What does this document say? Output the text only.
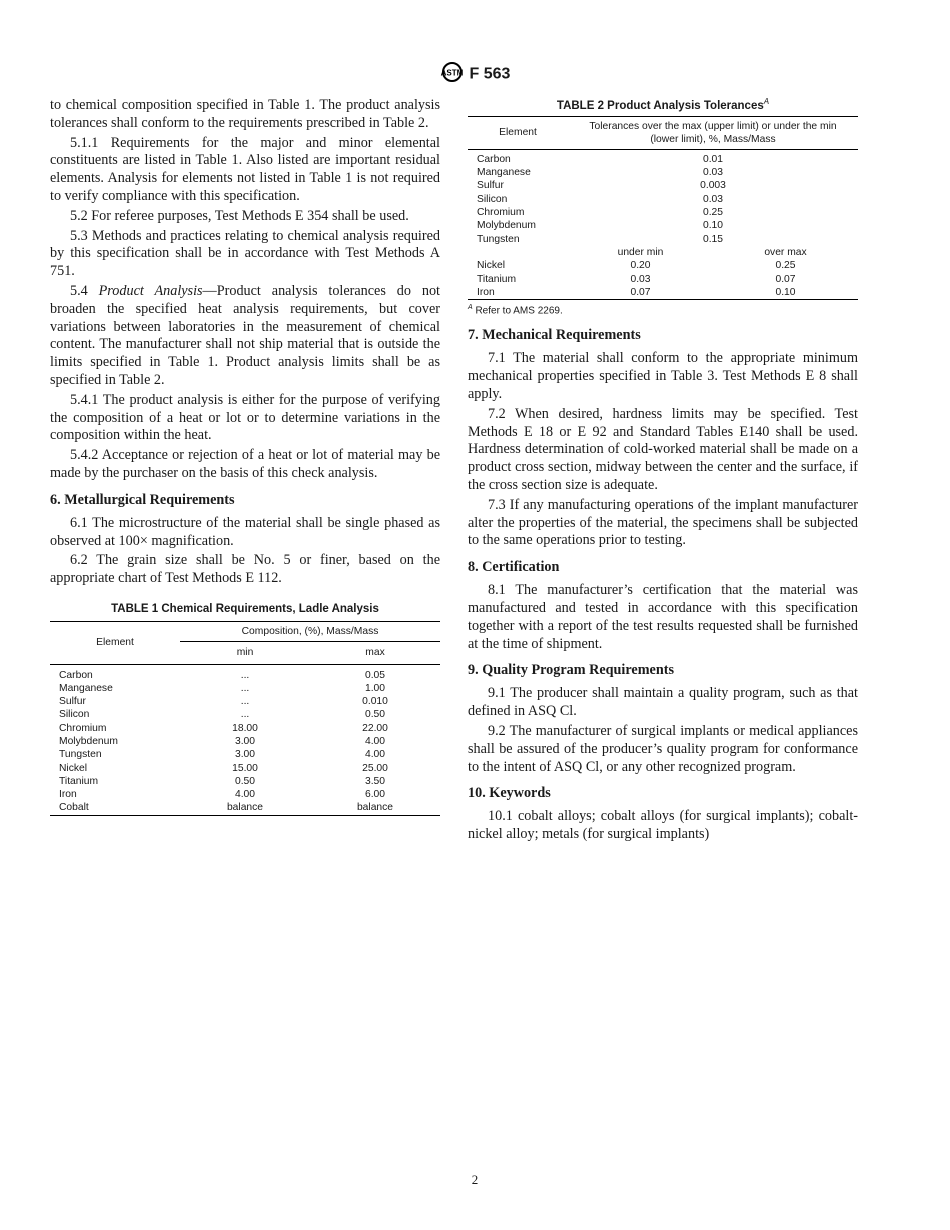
ASTM F 563

to chemical composition specified in Table 1. The product analysis tolerances shall conform to the requirements prescribed in Table 2.

5.1.1 Requirements for the major and minor elemental constituents are listed in Table 1. Also listed are important residual elements. Analysis for elements not listed in Table 1 is not required to verify compliance with this specification.

5.2 For referee purposes, Test Methods E 354 shall be used.

5.3 Methods and practices relating to chemical analysis required by this specification shall be in accordance with Test Methods A 751.

5.4 Product Analysis—Product analysis tolerances do not broaden the specified heat analysis requirements, but cover variations between laboratories in the measurement of chemical content. The manufacturer shall not ship material that is outside the limits specified in Table 1. Product analysis limits shall be as specified in Table 2.

5.4.1 The product analysis is either for the purpose of verifying the composition of a heat or lot or to determine variations in the composition within the heat.

5.4.2 Acceptance or rejection of a heat or lot of material may be made by the purchaser on the basis of this check analysis.

6. Metallurgical Requirements

6.1 The microstructure of the material shall be single phased as observed at 100× magnification.

6.2 The grain size shall be No. 5 or finer, based on the appropriate chart of Test Methods E 112.

TABLE 1 Chemical Requirements, Ladle Analysis
Element	Composition, (%), Mass/Mass	
	min	max

Carbon	...	0.05
Manganese	...	1.00
Sulfur	...	0.010
Silicon	...	0.50
Chromium	18.00	22.00
Molybdenum	3.00	4.00
Tungsten	3.00	4.00
Nickel	15.00	25.00
Titanium	0.50	3.50
Iron	4.00	6.00
Cobalt	balance	balance
TABLE 2 Product Analysis Tolerances$^A$
Element	Tolerances over the max (upper limit) or under the min (lower limit), %, Mass/Mass	

Carbon	0.01	
Manganese	0.03	
Sulfur	0.003	
Silicon	0.03	
Chromium	0.25	
Molybdenum	0.10	
Tungsten	0.15	
	under min	over max
Nickel	0.20	0.25
Titanium	0.03	0.07
Iron	0.07	0.10
$^A$ Refer to AMS 2269.
7. Mechanical Requirements

7.1 The material shall conform to the appropriate minimum mechanical properties specified in Table 3. Test Methods E 8 shall apply.

7.2 When desired, hardness limits may be specified. Test Methods E 18 or E 92 and Standard Tables E140 shall be used. Hardness determination of cold-worked material shall be made on a product cross section, midway between the center and the surface, if the cross section size is adequate.

7.3 If any manufacturing operations of the implant manufacturer alter the properties of the material, the specimens shall be subjected to the same operations prior to testing.

8. Certification

8.1 The manufacturer’s certification that the material was manufactured and tested in accordance with this specification together with a report of the test results requested shall be furnished at the time of shipment.

9. Quality Program Requirements

9.1 The producer shall maintain a quality program, such as that defined in ASQ Cl.

9.2 The manufacturer of surgical implants or medical appliances shall be assured of the producer’s quality program for conformance to the intent of ASQ Cl, or any other recognized program.

10. Keywords

10.1 cobalt alloys; cobalt alloys (for surgical implants); cobalt-nickel alloy; metals (for surgical implants)

2
